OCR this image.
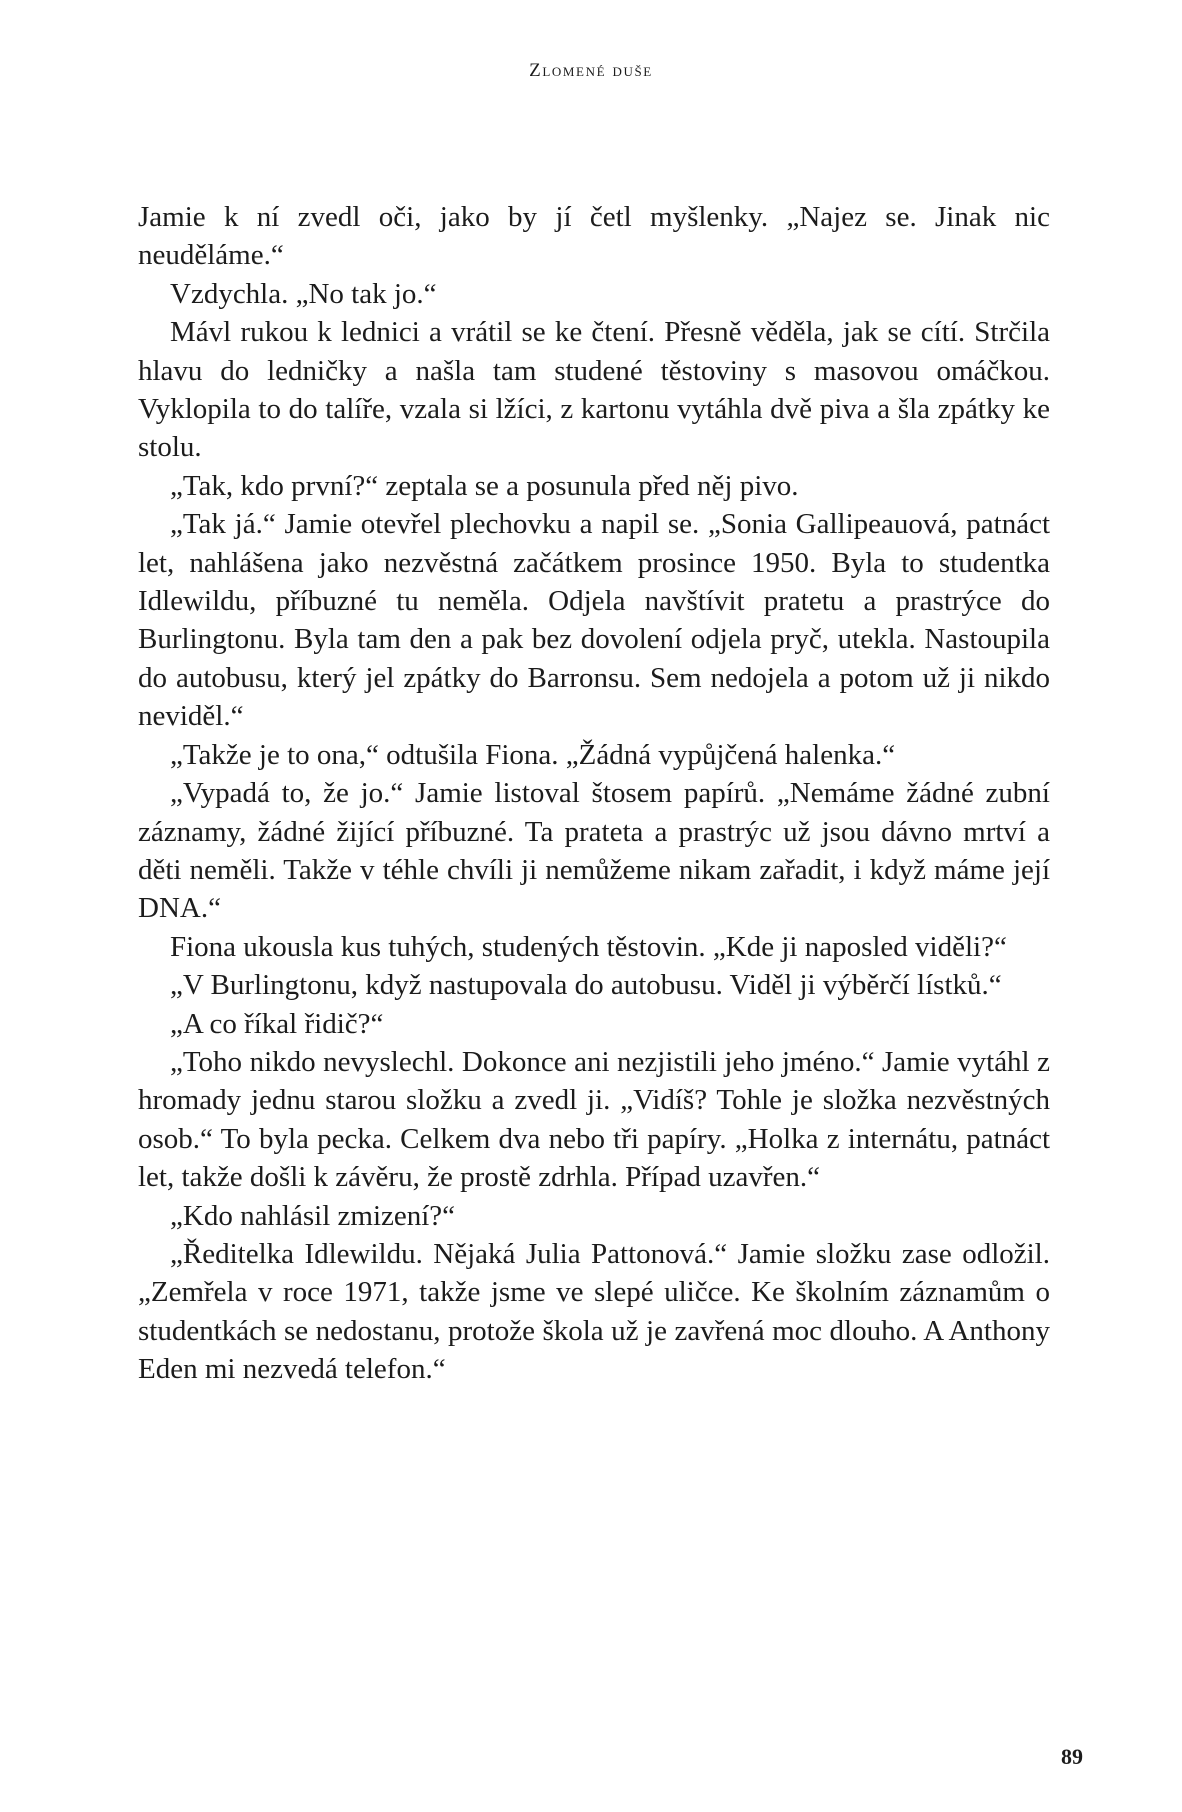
Zlomené duše

Jamie k ní zvedl oči, jako by jí četl myšlenky. „Najez se. Jinak nic neuděláme.“

Vzdychla. „No tak jo.“

Mávl rukou k lednici a vrátil se ke čtení. Přesně věděla, jak se cítí. Strčila hlavu do ledničky a našla tam studené těstoviny s masovou omáčkou. Vyklopila to do talíře, vzala si lžíci, z kartonu vytáhla dvě piva a šla zpátky ke stolu.

„Tak, kdo první?“ zeptala se a posunula před něj pivo.

„Tak já.“ Jamie otevřel plechovku a napil se. „Sonia Gallipeauová, patnáct let, nahlášena jako nezvěstná začátkem prosince 1950. Byla to studentka Idlewildu, příbuzné tu neměla. Odjela navštívit pratetu a prastrýce do Burlingtonu. Byla tam den a pak bez dovolení odjela pryč, utekla. Nastoupila do autobusu, který jel zpátky do Barronsu. Sem nedojela a potom už ji nikdo neviděl.“

„Takže je to ona,“ odtušila Fiona. „Žádná vypůjčená halenka.“

„Vypadá to, že jo.“ Jamie listoval štosem papírů. „Nemáme žádné zubní záznamy, žádné žijící příbuzné. Ta prateta a prastrýc už jsou dávno mrtví a děti neměli. Takže v téhle chvíli ji nemůžeme nikam zařadit, i když máme její DNA.“

Fiona ukousla kus tuhých, studených těstovin. „Kde ji naposled viděli?“

„V Burlingtonu, když nastupovala do autobusu. Viděl ji výběrčí lístků.“

„A co říkal řidič?“

„Toho nikdo nevyslechl. Dokonce ani nezjistili jeho jméno.“ Jamie vytáhl z hromady jednu starou složku a zvedl ji. „Vidíš? Tohle je složka nezvěstných osob.“ To byla pecka. Celkem dva nebo tři papíry. „Holka z internátu, patnáct let, takže došli k závěru, že prostě zdrhla. Případ uzavřen.“

„Kdo nahlásil zmizení?“

„Ředitelka Idlewildu. Nějaká Julia Pattonová.“ Jamie složku zase odložil. „Zemřela v roce 1971, takže jsme ve slepé uličce. Ke školním záznamům o studentkách se nedostanu, protože škola už je zavřená moc dlouho. A Anthony Eden mi nezvedá telefon.“

89
